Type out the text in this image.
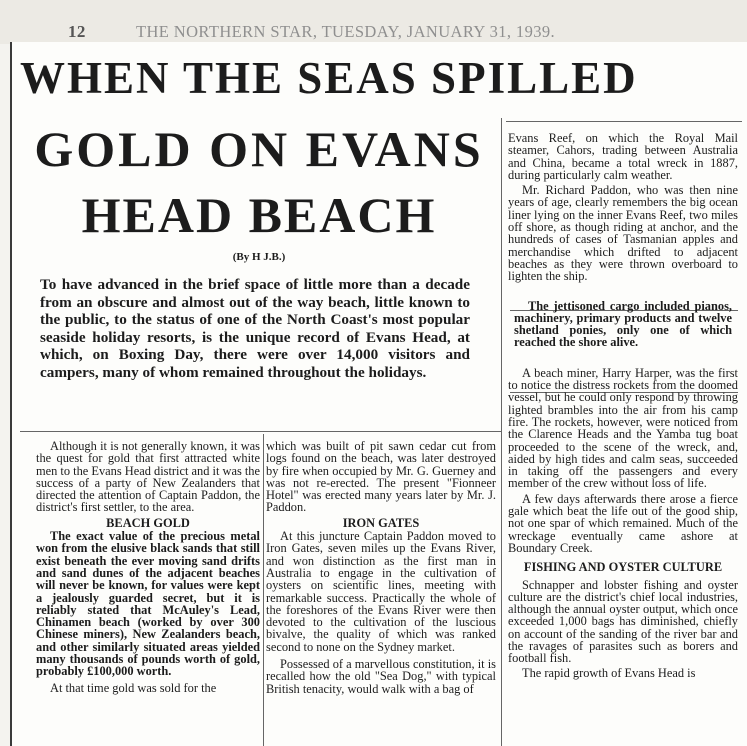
12	THE NORTHERN STAR, TUESDAY, JANUARY 31, 1939.
WHEN THE SEAS SPILLED
GOLD ON EVANS
HEAD BEACH
(By H J.B.)
To have advanced in the brief space of little more than a decade from an obscure and almost out of the way beach, little known to the public, to the status of one of the North Coast's most popular seaside holiday resorts, is the unique record of Evans Head, at which, on Boxing Day, there were over 14,000 visitors and campers, many of whom remained throughout the holidays.

Although it is not generally known, it was the quest for gold that first attracted white men to the Evans Head district and it was the success of a party of New Zealanders that directed the attention of Captain Paddon, the district's first settler, to the area.

BEACH GOLD

The exact value of the precious metal won from the elusive black sands that still exist beneath the ever moving sand drifts and sand dunes of the adjacent beaches will never be known, for values were kept a jealously guarded secret, but it is reliably stated that McAuley's Lead, Chinamen beach (worked by over 300 Chinese miners), New Zealanders beach, and other similarly situated areas yielded many thousands of pounds worth of gold, probably £100,000 worth.

At that time gold was sold for the

which was built of pit sawn cedar cut from logs found on the beach, was later destroyed by fire when occupied by Mr. G. Guerney and was not re-erected. The present "Fionneer Hotel" was erected many years later by Mr. J. Paddon.

IRON GATES

At this juncture Captain Paddon moved to Iron Gates, seven miles up the Evans River, and won distinction as the first man in Australia to engage in the cultivation of oysters on scientific lines, meeting with remarkable success. Practically the whole of the foreshores of the Evans River were then devoted to the cultivation of the luscious bivalve, the quality of which was ranked second to none on the Sydney market.

Possessed of a marvellous constitution, it is recalled how the old "Sea Dog," with typical British tenacity, would walk with a bag of

Evans Reef, on which the Royal Mail steamer, Cahors, trading between Australia and China, became a total wreck in 1887, during particularly calm weather.

Mr. Richard Paddon, who was then nine years of age, clearly remembers the big ocean liner lying on the inner Evans Reef, two miles off shore, as though riding at anchor, and the hundreds of cases of Tasmanian apples and merchandise which drifted to adjacent beaches as they were thrown overboard to lighten the ship.

The jettisoned cargo included pianos, machinery, primary products and twelve shetland ponies, only one of which reached the shore alive.

A beach miner, Harry Harper, was the first to notice the distress rockets from the doomed vessel, but he could only respond by throwing lighted brambles into the air from his camp fire. The rockets, however, were noticed from the Clarence Heads and the Yamba tug boat proceeded to the scene of the wreck, and, aided by high tides and calm seas, succeeded in taking off the passengers and every member of the crew without loss of life.

A few days afterwards there arose a fierce gale which beat the life out of the good ship, not one spar of which remained. Much of the wreckage eventually came ashore at Boundary Creek.

FISHING AND OYSTER CULTURE

Schnapper and lobster fishing and oyster culture are the district's chief local industries, although the annual oyster output, which once exceeded 1,000 bags has diminished, chiefly on account of the sanding of the river bar and the ravages of parasites such as borers and football fish.

The rapid growth of Evans Head is
